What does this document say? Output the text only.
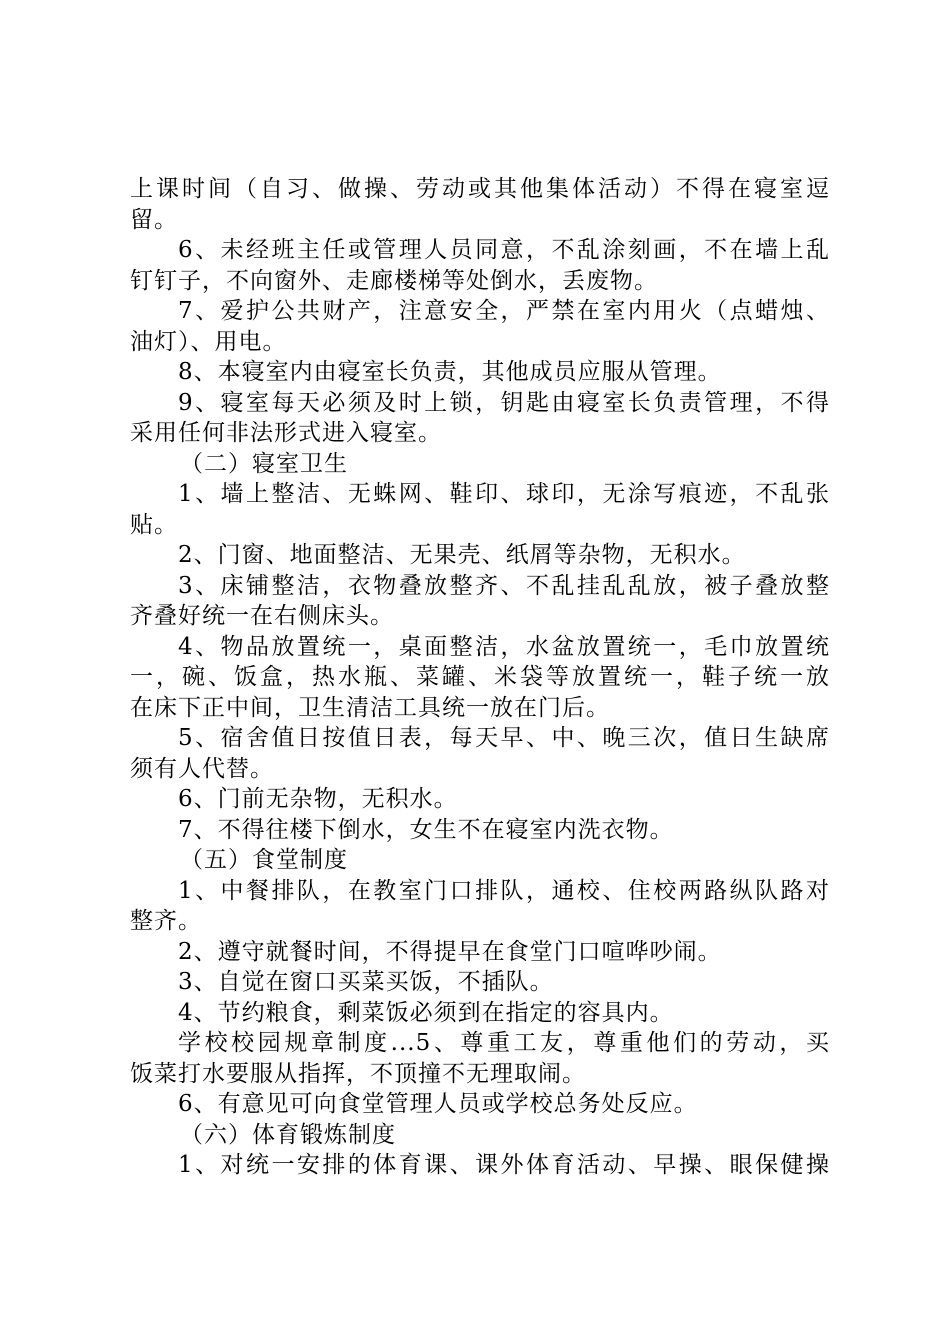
上课时间（自习、做操、劳动或其他集体活动）不得在寝室逗
留。
6、未经班主任或管理人员同意，不乱涂刻画，不在墙上乱
钉钉子，不向窗外、走廊楼梯等处倒水，丢废物。
7、爱护公共财产，注意安全，严禁在室内用火（点蜡烛、
油灯）、用电。
8、本寝室内由寝室长负责，其他成员应服从管理。
9、寝室每天必须及时上锁，钥匙由寝室长负责管理，不得
采用任何非法形式进入寝室。
（二）寝室卫生
1、墙上整洁、无蛛网、鞋印、球印，无涂写痕迹，不乱张
贴。
2、门窗、地面整洁、无果壳、纸屑等杂物，无积水。
3、床铺整洁，衣物叠放整齐、不乱挂乱乱放，被子叠放整
齐叠好统一在右侧床头。
4、物品放置统一，桌面整洁，水盆放置统一，毛巾放置统
一，碗、饭盒，热水瓶、菜罐、米袋等放置统一，鞋子统一放
在床下正中间，卫生清洁工具统一放在门后。
5、宿舍值日按值日表，每天早、中、晚三次，值日生缺席
须有人代替。
6、门前无杂物，无积水。
7、不得往楼下倒水，女生不在寝室内洗衣物。
（五）食堂制度
1、中餐排队，在教室门口排队，通校、住校两路纵队路对
整齐。
2、遵守就餐时间，不得提早在食堂门口喧哗吵闹。
3、自觉在窗口买菜买饭，不插队。
4、节约粮食，剩菜饭必须到在指定的容具内。
学校校园规章制度...5、尊重工友，尊重他们的劳动，买
饭菜打水要服从指挥，不顶撞不无理取闹。
6、有意见可向食堂管理人员或学校总务处反应。
（六）体育锻炼制度
1、对统一安排的体育课、课外体育活动、早操、眼保健操
